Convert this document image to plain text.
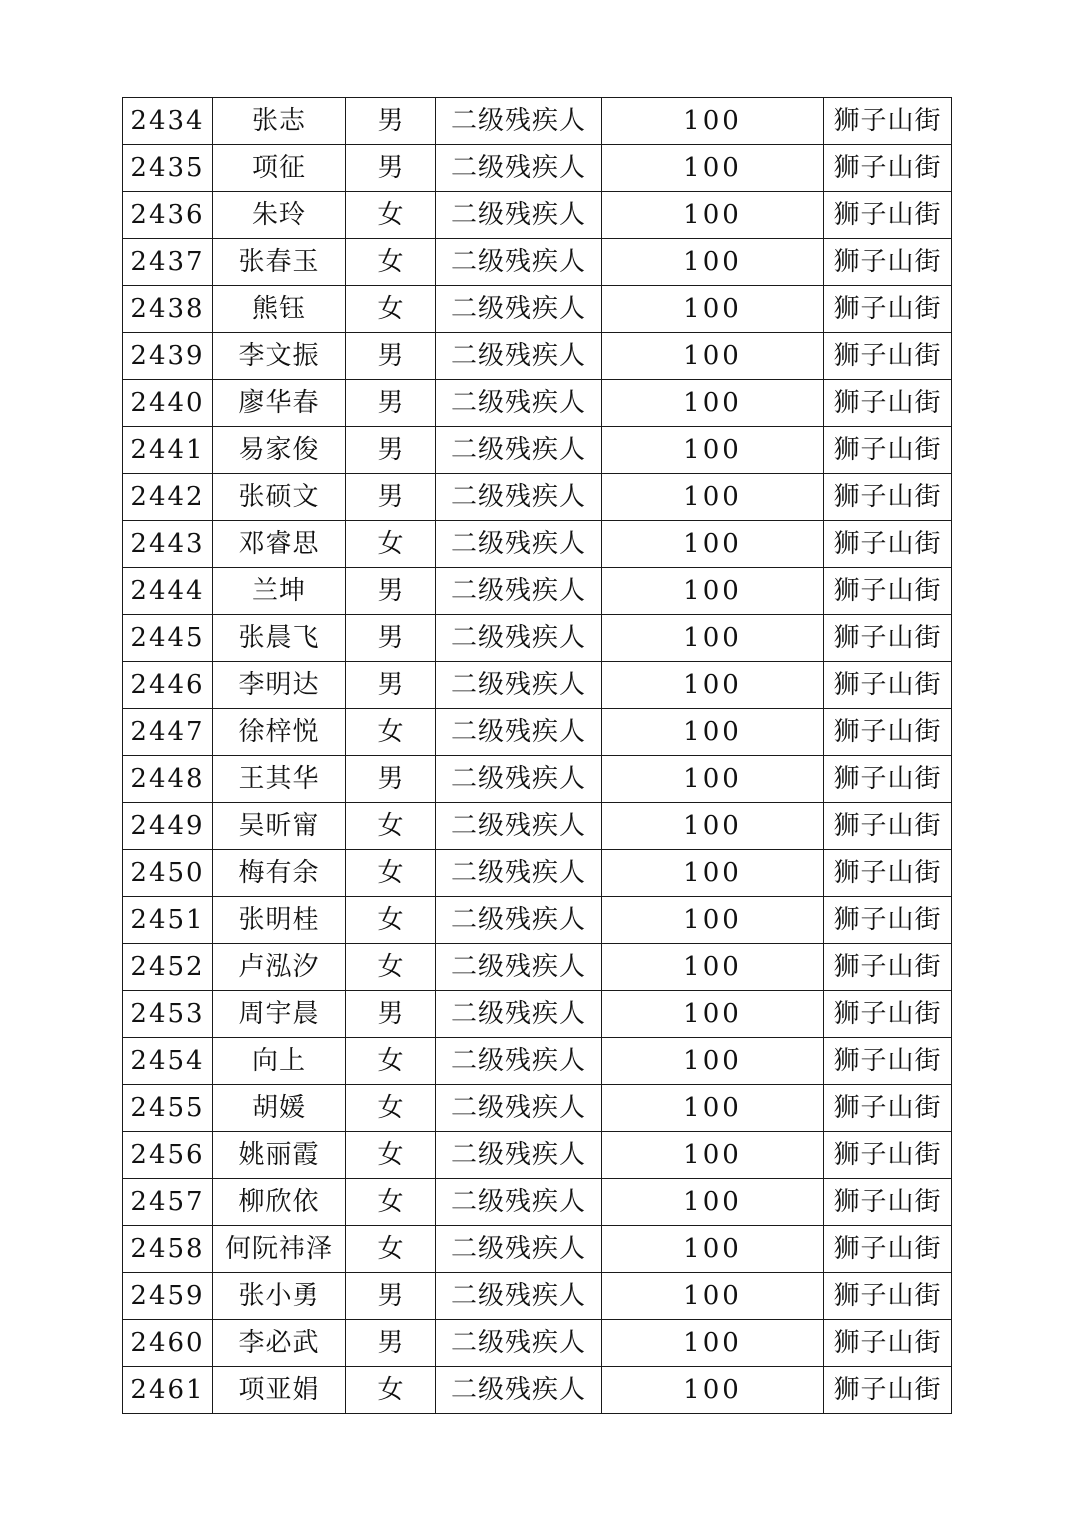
2434	张志	男	二级残疾人	100	狮子山街
2435	项征	男	二级残疾人	100	狮子山街
2436	朱玲	女	二级残疾人	100	狮子山街
2437	张春玉	女	二级残疾人	100	狮子山街
2438	熊钰	女	二级残疾人	100	狮子山街
2439	李文振	男	二级残疾人	100	狮子山街
2440	廖华春	男	二级残疾人	100	狮子山街
2441	易家俊	男	二级残疾人	100	狮子山街
2442	张硕文	男	二级残疾人	100	狮子山街
2443	邓睿思	女	二级残疾人	100	狮子山街
2444	兰坤	男	二级残疾人	100	狮子山街
2445	张晨飞	男	二级残疾人	100	狮子山街
2446	李明达	男	二级残疾人	100	狮子山街
2447	徐梓悦	女	二级残疾人	100	狮子山街
2448	王其华	男	二级残疾人	100	狮子山街
2449	吴昕甯	女	二级残疾人	100	狮子山街
2450	梅有余	女	二级残疾人	100	狮子山街
2451	张明桂	女	二级残疾人	100	狮子山街
2452	卢泓汐	女	二级残疾人	100	狮子山街
2453	周宇晨	男	二级残疾人	100	狮子山街
2454	向上	女	二级残疾人	100	狮子山街
2455	胡媛	女	二级残疾人	100	狮子山街
2456	姚丽霞	女	二级残疾人	100	狮子山街
2457	柳欣依	女	二级残疾人	100	狮子山街
2458	何阮祎泽	女	二级残疾人	100	狮子山街
2459	张小勇	男	二级残疾人	100	狮子山街
2460	李必武	男	二级残疾人	100	狮子山街
2461	项亚娟	女	二级残疾人	100	狮子山街
